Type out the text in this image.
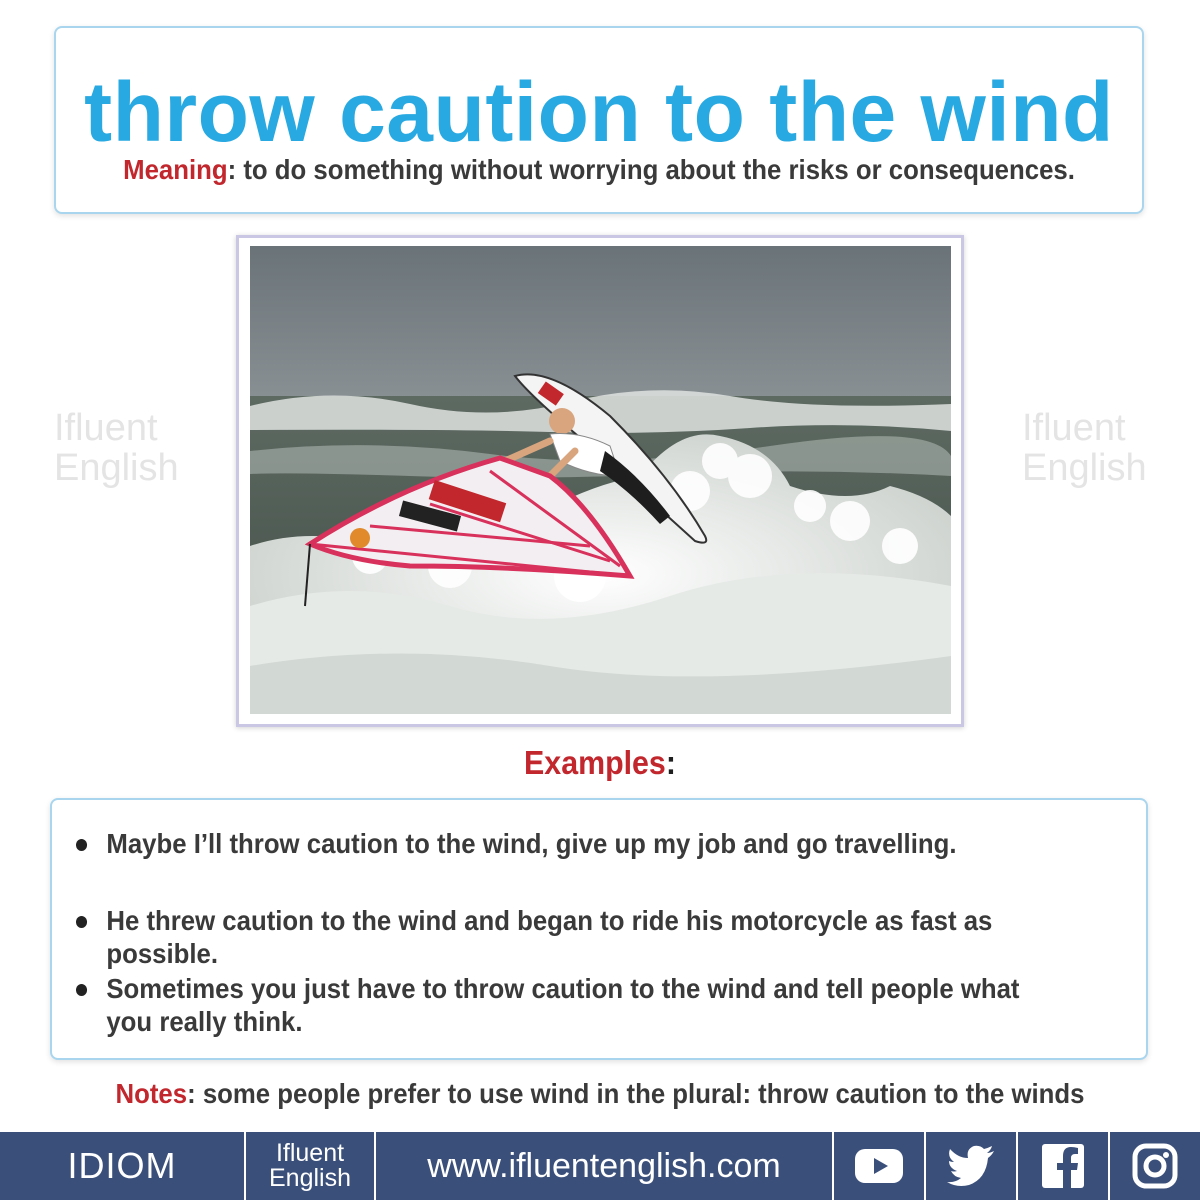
throw caution to the wind
Meaning: to do something without worrying about the risks or consequences.
Ifluent
English
Ifluent
English
Examples:
Maybe I’ll throw caution to the wind, give up my job and go travelling.
He threw caution to the wind and began to ride his motorcycle as fast as possible.
Sometimes you just have to throw caution to the wind and tell people what you really think.
Notes: some people prefer to use wind in the plural: throw caution to the winds
IDIOM	Ifluent
English	www.ifluentenglish.com
